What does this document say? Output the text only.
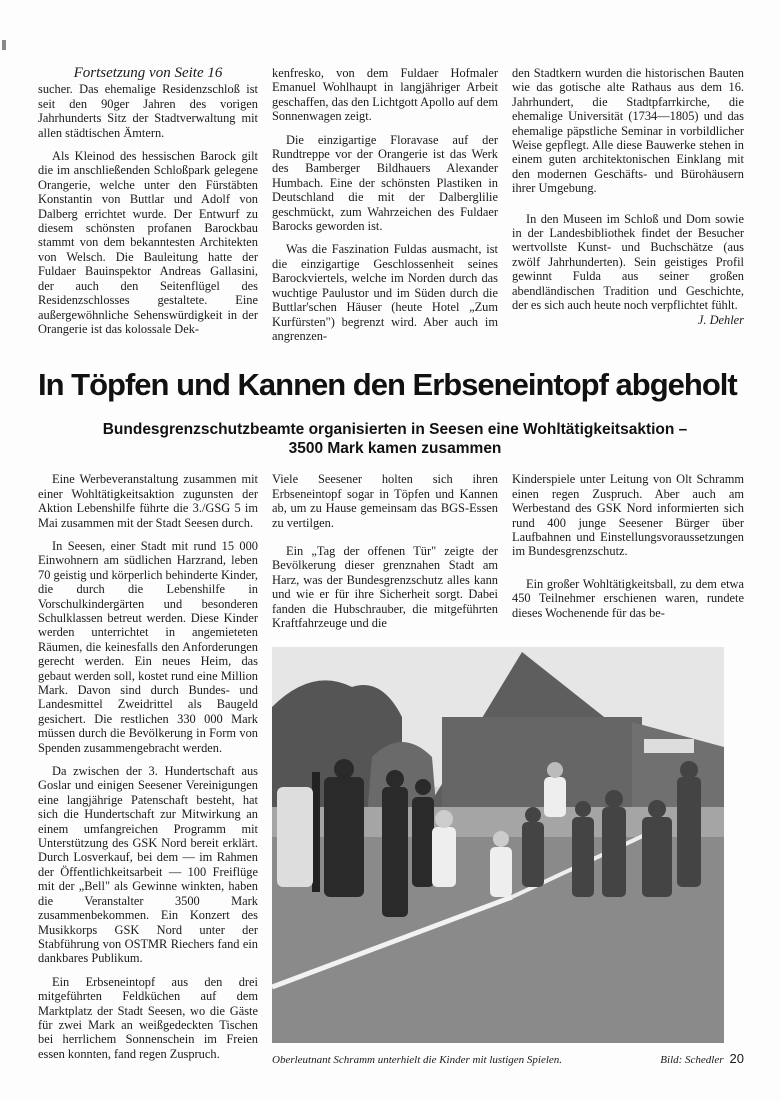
Fortsetzung von Seite 16

sucher. Das ehemalige Residenzschloß ist seit den 90ger Jahren des vorigen Jahrhunderts Sitz der Stadtverwaltung mit allen städtischen Ämtern.

Als Kleinod des hessischen Barock gilt die im anschließenden Schloßpark gelegene Orangerie, welche unter den Fürstäbten Konstantin von Buttlar und Adolf von Dalberg errichtet wurde. Der Entwurf zu diesem schönsten profanen Barockbau stammt von dem bekanntesten Architekten von Welsch. Die Bauleitung hatte der Fuldaer Bauinspektor Andreas Gallasini, der auch den Seitenflügel des Residenzschlosses gestaltete. Eine außergewöhnliche Sehenswürdigkeit in der Orangerie ist das kolossale Dek-

kenfresko, von dem Fuldaer Hofmaler Emanuel Wohlhaupt in langjähriger Arbeit geschaffen, das den Lichtgott Apollo auf dem Sonnenwagen zeigt.

Die einzigartige Floravase auf der Rundtreppe vor der Orangerie ist das Werk des Bamberger Bildhauers Alexander Humbach. Eine der schönsten Plastiken in Deutschland die mit der Dalberglilie geschmückt, zum Wahrzeichen des Fuldaer Barocks geworden ist.

Was die Faszination Fuldas ausmacht, ist die einzigartige Geschlossenheit seines Barockviertels, welche im Norden durch das wuchtige Paulustor und im Süden durch die Buttlar'schen Häuser (heute Hotel „Zum Kurfürsten") begrenzt wird. Aber auch im angrenzen-

den Stadtkern wurden die historischen Bauten wie das gotische alte Rathaus aus dem 16. Jahrhundert, die Stadtpfarrkirche, die ehemalige Universität (1734—1805) und das ehemalige päpstliche Seminar in vorbildlicher Weise gepflegt. Alle diese Bauwerke stehen in einem guten architektonischen Einklang mit den modernen Geschäfts- und Bürohäusern ihrer Umgebung.

In den Museen im Schloß und Dom sowie in der Landesbibliothek findet der Besucher wertvollste Kunst- und Buchschätze (aus zwölf Jahrhunderten). Sein geistiges Profil gewinnt Fulda aus seiner großen abendländischen Tradition und Geschichte, der es sich auch heute noch verpflichtet fühlt.
J. Dehler

In Töpfen und Kannen den Erbseneintopf abgeholt
Bundesgrenzschutzbeamte organisierten in Seesen eine Wohltätigkeitsaktion –
3500 Mark kamen zusammen

Eine Werbeveranstaltung zusammen mit einer Wohltätigkeitsaktion zugunsten der Aktion Lebenshilfe führte die 3./GSG 5 im Mai zusammen mit der Stadt Seesen durch.

In Seesen, einer Stadt mit rund 15 000 Einwohnern am südlichen Harzrand, leben 70 geistig und körperlich behinderte Kinder, die durch die Lebenshilfe in Vorschulkindergärten und besonderen Schulklassen betreut werden. Diese Kinder werden unterrichtet in angemieteten Räumen, die keinesfalls den Anforderungen gerecht werden. Ein neues Heim, das gebaut werden soll, kostet rund eine Million Mark. Davon sind durch Bundes- und Landesmittel Zweidrittel als Baugeld gesichert. Die restlichen 330 000 Mark müssen durch die Bevölkerung in Form von Spenden zusammengebracht werden.

Da zwischen der 3. Hundertschaft aus Goslar und einigen Seesener Vereinigungen eine langjährige Patenschaft besteht, hat sich die Hundertschaft zur Mitwirkung an einem umfangreichen Programm mit Unterstützung des GSK Nord bereit erklärt. Durch Losverkauf, bei dem — im Rahmen der Öffentlichkeitsarbeit — 100 Freiflüge mit der „Bell" als Gewinne winkten, haben die Veranstalter 3500 Mark zusammenbekommen. Ein Konzert des Musikkorps GSK Nord unter der Stabführung von OSTMR Riechers fand ein dankbares Publikum.

Ein Erbseneintopf aus den drei mitgeführten Feldküchen auf dem Marktplatz der Stadt Seesen, wo die Gäste für zwei Mark an weißgedeckten Tischen bei herrlichem Sonnenschein im Freien essen konnten, fand regen Zuspruch.

Viele Seesener holten sich ihren Erbseneintopf sogar in Töpfen und Kannen ab, um zu Hause gemeinsam das BGS-Essen zu vertilgen.

Ein „Tag der offenen Tür" zeigte der Bevölkerung dieser grenznahen Stadt am Harz, was der Bundesgrenzschutz alles kann und wie er für ihre Sicherheit sorgt. Dabei fanden die Hubschrauber, die mitgeführten Kraftfahrzeuge und die

Kinderspiele unter Leitung von Olt Schramm einen regen Zuspruch. Aber auch am Werbestand des GSK Nord informierten sich rund 400 junge Seesener Bürger über Laufbahnen und Einstellungsvoraussetzungen im Bundesgrenzschutz.

Ein großer Wohltätigkeitsball, zu dem etwa 450 Teilnehmer erschienen waren, rundete dieses Wochenende für das be-

Oberleutnant Schramm unterhielt die Kinder mit lustigen Spielen.	Bild: Schedler 20
